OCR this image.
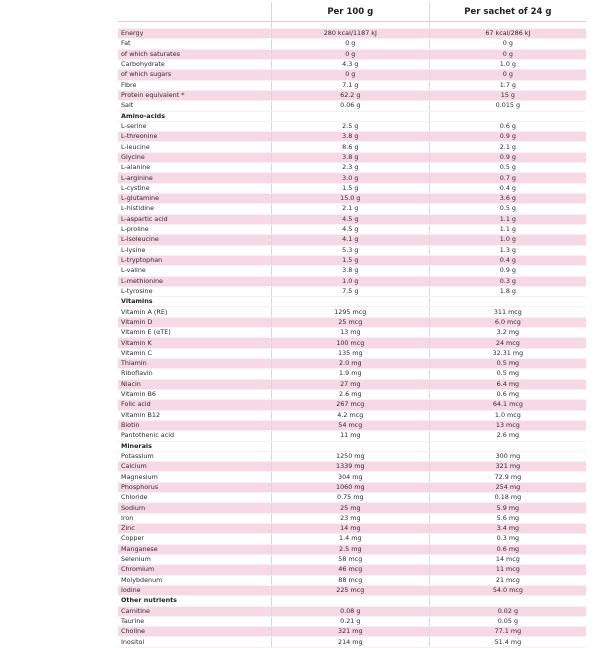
	Per 100 g	Per sachet of 24 g

Energy	280 kcal/1187 kJ	67 kcal/286 kJ
Fat	0 g	0 g
of which saturates	0 g	0 g
Carbohydrate	4.3 g	1.0 g
of which sugars	0 g	0 g
Fibre	7.1 g	1.7 g
Protein equivalent *	62.2 g	15 g
Salt	0.06 g	0.015 g
Amino-acids		
L-serine	2.5 g	0.6 g
L-threonine	3.8 g	0.9 g
L-leucine	8.6 g	2.1 g
Glycine	3.8 g	0.9 g
L-alanine	2.3 g	0.5 g
L-arginine	3.0 g	0.7 g
L-cystine	1.5 g	0.4 g
L-glutamine	15.0 g	3.6 g
L-histidine	2.1 g	0.5 g
L-aspartic acid	4.5 g	1.1 g
L-proline	4.5 g	1.1 g
L-isoleucine	4.1 g	1.0 g
L-lysine	5.3 g	1.3 g
L-tryptophan	1.5 g	0.4 g
L-valine	3.8 g	0.9 g
L-methionine	1.0 g	0.3 g
L-tyrosine	7.5 g	1.8 g
Vitamins		
Vitamin A (RE)	1295 mcg	311 mcg
Vitamin D	25 mcg	6.0 mcg
Vitamin E (αTE)	13 mg	3.2 mg
Vitamin K	100 mcg	24 mcg
Vitamin C	135 mg	32.31 mg
Thiamin	2.0 mg	0.5 mg
Riboflavin	1.9 mg	0.5 mg
Niacin	27 mg	6.4 mg
Vitamin B6	2.6 mg	0.6 mg
Folic acid	267 mcg	64.1 mcg
Vitamin B12	4.2 mcg	1.0 mcg
Biotin	54 mcg	13 mcg
Pantothenic acid	11 mg	2.6 mg
Minerals		
Potassium	1250 mg	300 mg
Calcium	1339 mg	321 mg
Magnesium	304 mg	72.9 mg
Phosphorus	1060 mg	254 mg
Chloride	0.75 mg	0.18 mg
Sodium	25 mg	5.9 mg
Iron	23 mg	5.6 mg
Zinc	14 mg	3.4 mg
Copper	1.4 mg	0.3 mg
Manganese	2.5 mg	0.6 mg
Selenium	58 mcg	14 mcg
Chromium	46 mcg	11 mcg
Molybdenum	88 mcg	21 mcg
Iodine	225 mcg	54.0 mcg
Other nutrients		
Carnitine	0.08 g	0.02 g
Taurine	0.21 g	0.05 g
Choline	321 mg	77.1 mg
Inositol	214 mg	51.4 mg
